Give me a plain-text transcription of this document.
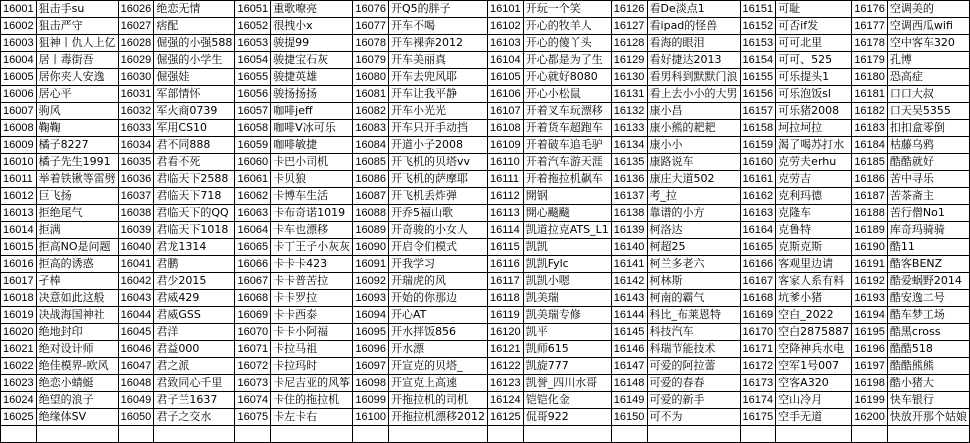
16001	狙击手su	16026	绝恋无情	16051	重歌嘹亮	16076	开Q5的胖子	16101	开玩一个笑	16126	看De淡点1	16151	可耻	16176	空调美的
16002	狙击严守	16027	痞配	16052	很拽小x	16077	开车不喝	16102	开心的牧羊人	16127	看ipad的怪兽	16152	可否if发	16177	空调西瓜wifi
16003	狙神丨仇人上亿	16028	倔强的小强588	16053	骏提99	16078	开车裸奔2012	16103	开心的傻丫头	16128	看海的眼泪	16153	可可北里	16178	空中客车320
16004	居丨毒街吾	16029	倔强的小学生	16054	骏捷宝石灰	16079	开车美丽真	16104	开心都是为了生	16129	看好捷达2013	16154	可可、525	16179	孔博
16005	居你夹人安逸	16030	倔强娃	16055	骏捷英雄	16080	开车去兜风耶	16105	开心就好8080	16130	看男科到默默门浪	16155	可乐提头1	16180	恐高症
16006	居心平	16031	军部情怀	16056	骏扬扬扬	16081	开车让我平静	16106	开心小松鼠	16131	看上去小小的大男	16156	可乐泡饭sl	16181	口口大叔
16007	驹风	16032	军火商0739	16057	咖啡jeff	16082	开车小光光	16107	开着叉车玩漂移	16132	康小昌	16157	可乐猪2008	16182	口天吴5355
16008	鞠鞠	16033	军用CS10	16058	咖啡V冰可乐	16083	开车只开手动挡	16108	开着货车超跑车	16133	康小熊的耙耙	16158	坷拉坷拉	16183	扣扣盒零倒
16009	橘子8227	16034	君不同888	16059	咖啡敏捷	16084	开道小子2008	16109	开着破车追毛驴	16134	康小小	16159	渴了喝苏打水	16184	枯藤乌鸦
16010	橘子先生1991	16035	君看不死	16060	卡巴小司机	16085	开飞机的贝塔vv	16110	开着汽车游天涯	16135	康路说车	16160	克劳夫erhu	16185	酷酷就好
16011	举着铁锹等雷劈	16036	君临天下2588	16061	卡贝狼	16086	开飞机的萨摩耶	16111	开着拖拉机飙车	16136	康庄大道502	16161	克劳吉	16186	苦中寻乐
16012	巨飞扬	16037	君临天下718	16062	卡博车生活	16087	开飞机丢炸弹	16112	開钢	16137	考_拉	16162	克利玛德	16187	苦茶斋主
16013	拒绝尾气	16038	君临天下的QQ	16063	卡布奇诺1019	16088	开乔5福山歌	16113	開心飈飈	16138	靠谱的小方	16163	克隆车	16188	苦行僧No1
16014	拒满	16039	君临天下1018	16064	卡车也漂移	16089	开奇骏的小女人	16114	凯道拉克ATS_L1	16139	柯洛达	16164	克鲁特	16189	库奇玛骑骑
16015	拒高NO是问题	16040	君龙1314	16065	卡丁王子小灰灰	16090	开启令们模式	16115	凯凯	16140	柯超25	16165	克斯克斯	16190	酷11
16016	拒高的诱惑	16041	君鹏	16066	卡卡卡423	16091	开我学习	16116	凯凯Fylc	16141	柯兰多老六	16166	客观里边请	16191	酷客BENZ
16017	孑棒	16042	君少2015	16067	卡卡普苦拉	16092	开瑞虎的风	16117	凯凯小嗯	16142	柯林斯	16167	客家人系有料	16192	酷爱蜗野2014
16018	决意如此这般	16043	君威429	16068	卡卡罗拉	16093	开始的你那边	16118	凯美瑞	16143	柯南的霸气	16168	坑爹小猪	16193	酷安逸二号
16019	决战海国神社	16044	君威GSS	16069	卡卡西泰	16094	开心AT	16119	凯美瑞专修	16144	科比_布莱恩特	16169	空白_2022	16194	酷车梦工场
16020	绝地封印	16045	君洋	16070	卡卡小阿福	16095	开水拌饭856	16120	凯平	16145	科技汽车	16170	空白2875887	16195	酷黑cross
16021	绝对设计师	16046	君益000	16071	卡拉马祖	16096	开水漂	16121	凯师615	16146	科瑞节能技术	16171	空降神兵水电	16196	酷酷518
16022	绝佳模界-欧风	16047	君之派	16072	卡拉玛时	16097	开宣克的贝塔_	16122	凯旋777	16147	可爱的阿拉蕾	16172	空军1号007	16197	酷酷熊熊
16023	绝恋小蜻蜓	16048	君致同心千里	16073	卡尼吉亚的风筝	16098	开宣克上高速	16123	凯誉_四川水哥	16148	可爱的春春	16173	空客A320	16198	酷小猪大
16024	绝望的浪子	16049	君子兰1637	16074	卡住的拖拉机	16099	开拖拉机的司机	16124	铠铠化金	16149	可爱的新手	16174	空山冷月	16199	快车银行
16025	绝缘体SV	16050	君子之交水	16075	卡左卡右	16100	开拖拉机漂移2012	16125	侃哥922	16150	可不为	16175	空手无道	16200	快放开那个姑娘
